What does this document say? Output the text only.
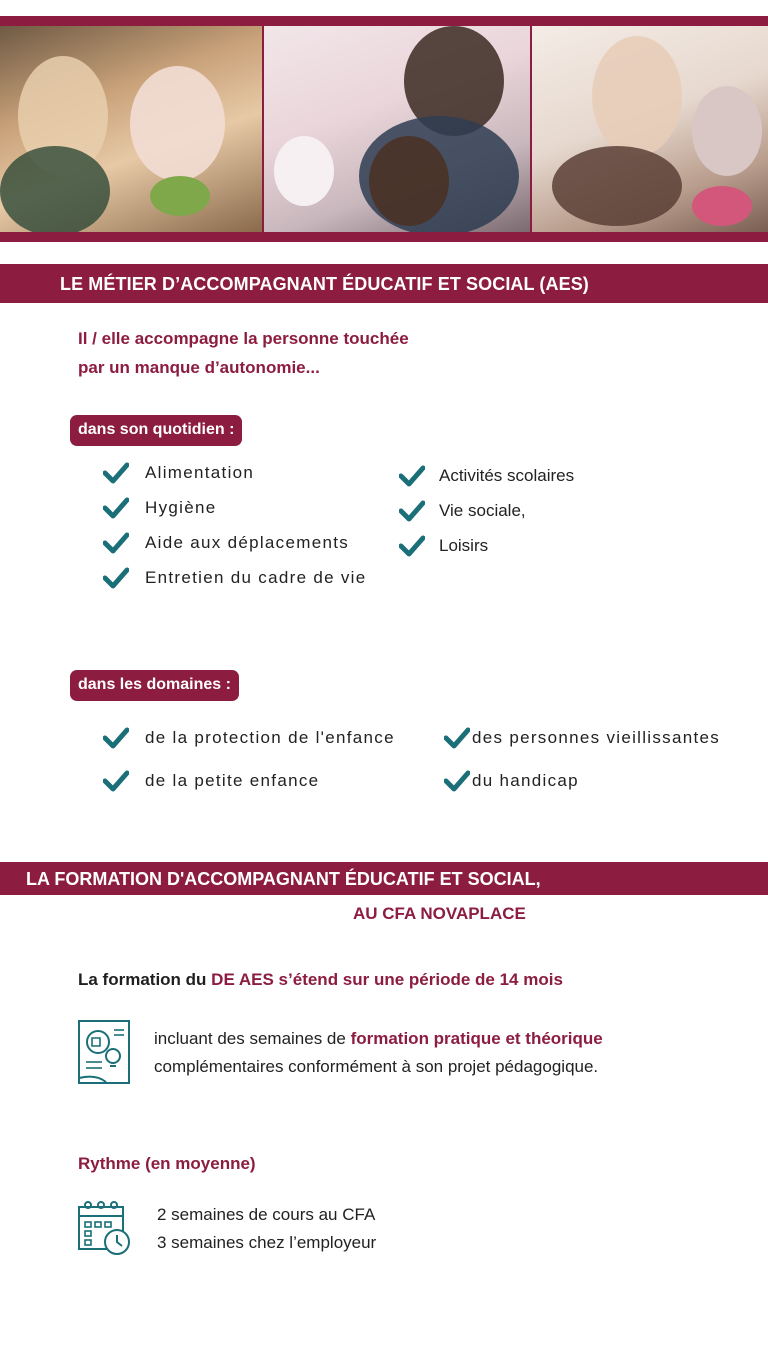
LE MÉTIER D’ACCOMPAGNANT ÉDUCATIF ET SOCIAL (AES)
Il / elle accompagne la personne touchée
par un manque d’autonomie...
dans son quotidien :
Alimentation
Hygiène
Aide aux déplacements
Entretien du cadre de vie
Activités scolaires
Vie sociale,
Loisirs
dans les domaines :
de la protection de l'enfance
de la petite enfance
des personnes vieillissantes
du handicap
LA FORMATION D'ACCOMPAGNANT ÉDUCATIF ET SOCIAL,
AU CFA NOVAPLACE
La formation du DE AES s’étend sur une période de 14 mois
incluant des semaines de formation pratique et théorique
complémentaires conformément à son projet pédagogique.
Rythme (en moyenne)
2 semaines de cours au CFA
3 semaines chez l’employeur
